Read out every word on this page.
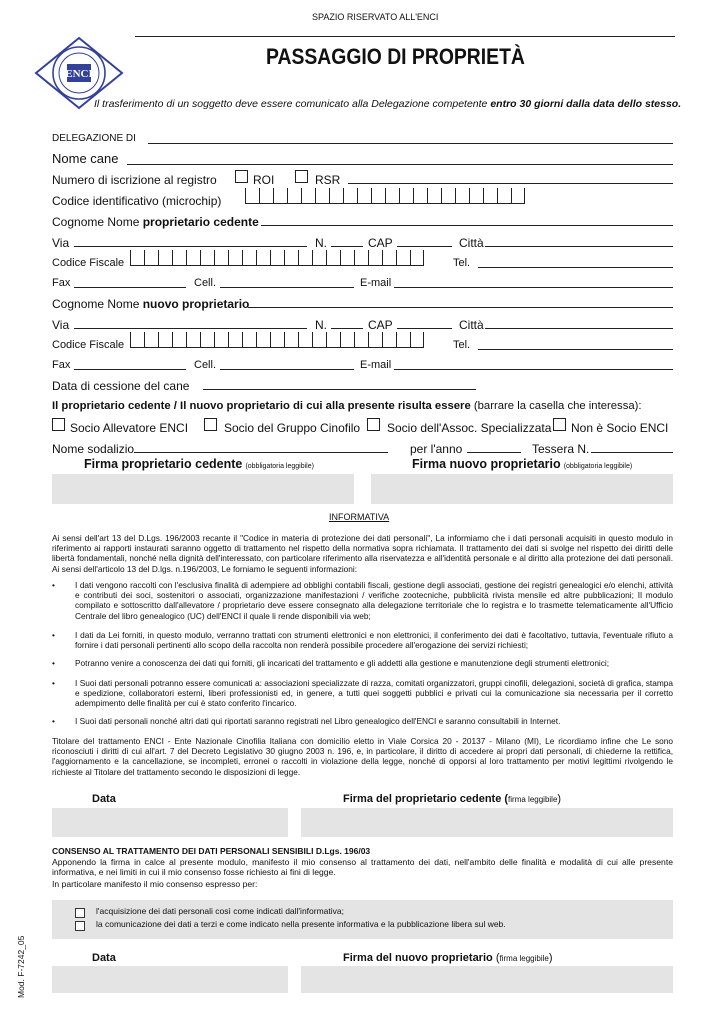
SPAZIO RISERVATO ALL'ENCI
ENCI
PASSAGGIO DI PROPRIETÀ
Il trasferimento di un soggetto deve essere comunicato alla Delegazione competente entro 30 giorni dalla data dello stesso.
DELEGAZIONE DI
Nome cane
Numero di iscrizione al registro	ROI	RSR
Codice identificativo (microchip)
Cognome Nome proprietario cedente
Via	N.	CAP	Città
Codice Fiscale	Tel.
Fax	Cell.	E-mail
Cognome Nome nuovo proprietario
Via	N.	CAP	Città
Codice Fiscale	Tel.
Fax	Cell.	E-mail
Data di cessione del cane
Il proprietario cedente / Il nuovo proprietario di cui alla presente risulta essere (barrare la casella che interessa):
Socio Allevatore ENCI	Socio del Gruppo Cinofilo Socio dell'Assoc. Specializzata Non è Socio ENCI
Nome sodalizio	per l'anno	Tessera N.
Firma proprietario cedente (obbligatoria leggibile)	Firma nuovo proprietario (obbligatoria leggibile)
INFORMATIVA
Ai sensi dell'art 13 del D.Lgs. 196/2003 recante il "Codice in materia di protezione dei dati personali", La informiamo che i dati personali acquisiti in questo modulo in riferimento ai rapporti instaurati saranno oggetto di trattamento nel rispetto della normativa sopra richiamata. Il trattamento dei dati si svolge nel rispetto dei diritti delle libertà fondamentali, nonché nella dignità dell'interessato, con particolare riferimento alla riservatezza e all'identità personale e al diritto alla protezione dei dati personali. Ai sensi dell'articolo 13 del D.lgs. n.196/2003, Le forniamo le seguenti informazioni:
• I dati vengono raccolti con l'esclusiva finalità di adempiere ad obblighi contabili fiscali, gestione degli associati, gestione dei registri genealogici e/o elenchi, attività e contributi dei soci, sostenitori o associati, organizzazione manifestazioni / verifiche zootecniche, pubblicità rivista mensile ed altre pubblicazioni; Il modulo compilato e sottoscritto dall'allevatore / proprietario deve essere consegnato alla delegazione territoriale che lo registra e lo trasmette telematicamente all'Ufficio Centrale del libro genealogico (UC) dell'ENCI il quale li rende disponibili via web;
• I dati da Lei forniti, in questo modulo, verranno trattati con strumenti elettronici e non elettronici, il conferimento dei dati è facoltativo, tuttavia, l'eventuale rifiuto a fornire i dati personali pertinenti allo scopo della raccolta non renderà possibile procedere all'erogazione dei servizi richiesti;
• Potranno venire a conoscenza dei dati qui forniti, gli incaricati del trattamento e gli addetti alla gestione e manutenzione degli strumenti elettronici;
• I Suoi dati personali potranno essere comunicati a: associazioni specializzate di razza, comitati organizzatori, gruppi cinofili, delegazioni, società di grafica, stampa e spedizione, collaboratori esterni, liberi professionisti ed, in genere, a tutti quei soggetti pubblici e privati cui la comunicazione sia necessaria per il corretto adempimento delle finalità per cui è stato conferito l'incarico.
• I Suoi dati personali nonché altri dati qui riportati saranno registrati nel Libro genealogico dell'ENCI e saranno consultabili in Internet.
Titolare del trattamento ENCI - Ente Nazionale Cinofilia Italiana con domicilio eletto in Viale Corsica 20 - 20137 - Milano (MI), Le ricordiamo infine che Le sono riconosciuti i diritti di cui all'art. 7 del Decreto Legislativo 30 giugno 2003 n. 196, e, in particolare, il diritto di accedere ai propri dati personali, di chiederne la rettifica, l'aggiornamento e la cancellazione, se incompleti, erronei o raccolti in violazione della legge, nonché di opporsi al loro trattamento per motivi legittimi rivolgendo le richieste al Titolare del trattamento secondo le disposizioni di legge.
Data	Firma del proprietario cedente (firma leggibile)
CONSENSO AL TRATTAMENTO DEI DATI PERSONALI SENSIBILI D.Lgs. 196/03
Apponendo la firma in calce al presente modulo, manifesto il mio consenso al trattamento dei dati, nell'ambito delle finalità e modalità di cui alle presente informativa, e nei limiti in cui il mio consenso fosse richiesto ai fini di legge.
In particolare manifesto il mio consenso espresso per:
l'acquisizione dei dati personali così come indicati dall'informativa;
la comunicazione dei dati a terzi e come indicato nella presente informativa e la pubblicazione libera sul web.
Data	Firma del nuovo proprietario (firma leggibile)
Mod. F-7242_05
